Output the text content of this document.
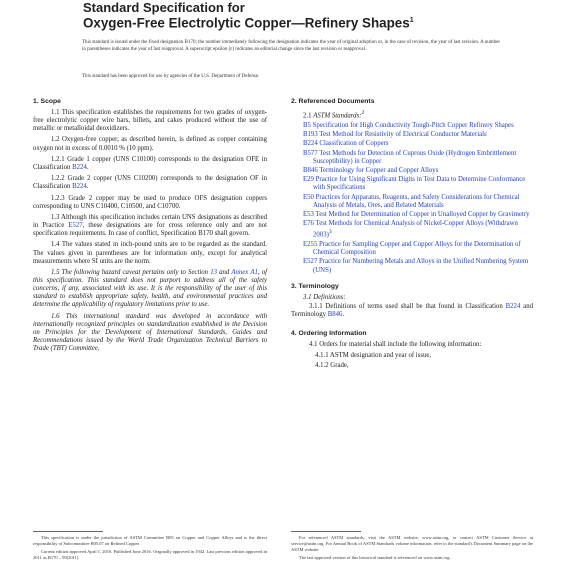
Standard Specification for
Oxygen-Free Electrolytic Copper—Refinery Shapes$^1$
This standard is issued under the fixed designation B170; the number immediately following the designation indicates the year of original adoption or, in the case of revision, the year of last revision. A number in parentheses indicates the year of last reapproval. A superscript epsilon (ε) indicates an editorial change since the last revision or reapproval.
This standard has been approved for use by agencies of the U.S. Department of Defense.
1. Scope

1.1 This specification establishes the requirements for two grades of oxygen-free electrolytic copper wire bars, billets, and cakes produced without the use of metallic or metalloidal deoxidizers.

1.2 Oxygen-free copper, as described herein, is defined as copper containing oxygen not in excess of 0.0010 % (10 ppm).

1.2.1 Grade 1 copper (UNS C10100) corresponds to the designation OFE in Classification B224.

1.2.2 Grade 2 copper (UNS C10200) corresponds to the designation OF in Classification B224.

1.2.3 Grade 2 copper may be used to produce OFS designation coppers corresponding to UNS C10400, C10500, and C10700.

1.3 Although this specification includes certain UNS designations as described in Practice E527, these designations are for cross reference only and are not specification requirements. In case of conflict, Specification B170 shall govern.

1.4 The values stated in inch-pound units are to be regarded as the standard. The values given in parentheses are for information only, except for analytical measurements where SI units are the norm.

1.5 The following hazard caveat pertains only to Section 13 and Annex A1, of this specification. This standard does not purport to address all of the safety concerns, if any, associated with its use. It is the responsibility of the user of this standard to establish appropriate safety, health, and environmental practices and determine the applicability of regulatory limitations prior to use.

1.6 This international standard was developed in accordance with internationally recognized principles on standardization established in the Decision on Principles for the Development of International Standards, Guides and Recommendations issued by the World Trade Organization Technical Barriers to Trade (TBT) Committee.

2. Referenced Documents

2.1 ASTM Standards:$^2$

B5 Specification for High Conductivity Tough-Pitch Copper Refinery Shapes

B193 Test Method for Resistivity of Electrical Conductor Materials

B224 Classification of Coppers

B577 Test Methods for Detection of Cuprous Oxide (Hydrogen Embrittlement Susceptibility) in Copper

B846 Terminology for Copper and Copper Alloys

E29 Practice for Using Significant Digits in Test Data to Determine Conformance with Specifications

E50 Practices for Apparatus, Reagents, and Safety Considerations for Chemical Analysis of Metals, Ores, and Related Materials

E53 Test Method for Determination of Copper in Unalloyed Copper by Gravimetry

E76 Test Methods for Chemical Analysis of Nickel-Copper Alloys (Withdrawn 2003)$^3$

E255 Practice for Sampling Copper and Copper Alloys for the Determination of Chemical Composition

E527 Practice for Numbering Metals and Alloys in the Unified Numbering System (UNS)

3. Terminology

3.1 Definitions:

3.1.1 Definitions of terms used shall be that found in Classification B224 and Terminology B846.

4. Ordering Information

4.1 Orders for material shall include the following information:

4.1.1 ASTM designation and year of issue,

4.1.2 Grade,

This specification is under the jurisdiction of ASTM Committee B05 on Copper and Copper Alloys and is the direct responsibility of Subcommittee B05.07 on Refined Copper.

Current edition approved April 1, 2016. Published June 2016. Originally approved in 1942. Last previous edition approved in 2011 as B170 – 99(2011).

For referenced ASTM standards, visit the ASTM website, www.astm.org, or contact ASTM Customer Service at service@astm.org. For Annual Book of ASTM Standards volume information, refer to the standard's Document Summary page on the ASTM website.

The last approved version of this historical standard is referenced on www.astm.org.
